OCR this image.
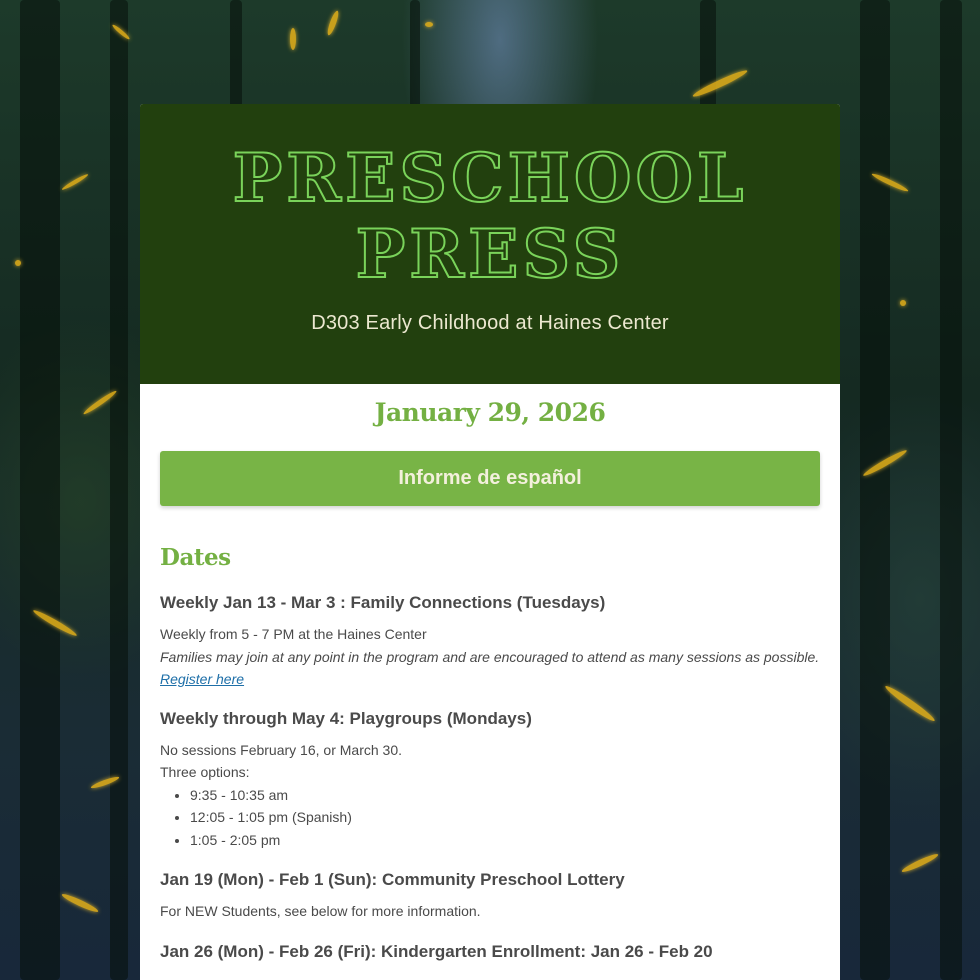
PRESCHOOL
PRESS
D303 Early Childhood at Haines Center
January 29, 2026
Informe de español
Dates
Weekly Jan 13 - Mar 3 : Family Connections (Tuesdays)

Weekly from 5 - 7 PM at the Haines Center

Families may join at any point in the program and are encouraged to attend as many sessions as possible. Register here

Weekly through May 4: Playgroups (Mondays)

No sessions February 16, or March 30.

Three options:

• 9:35 - 10:35 am
• 12:05 - 1:05 pm (Spanish)
• 1:05 - 2:05 pm
Jan 19 (Mon) - Feb 1 (Sun): Community Preschool Lottery

For NEW Students, see below for more information.

Jan 26 (Mon) - Feb 26 (Fri): Kindergarten Enrollment: Jan 26 - Feb 20
